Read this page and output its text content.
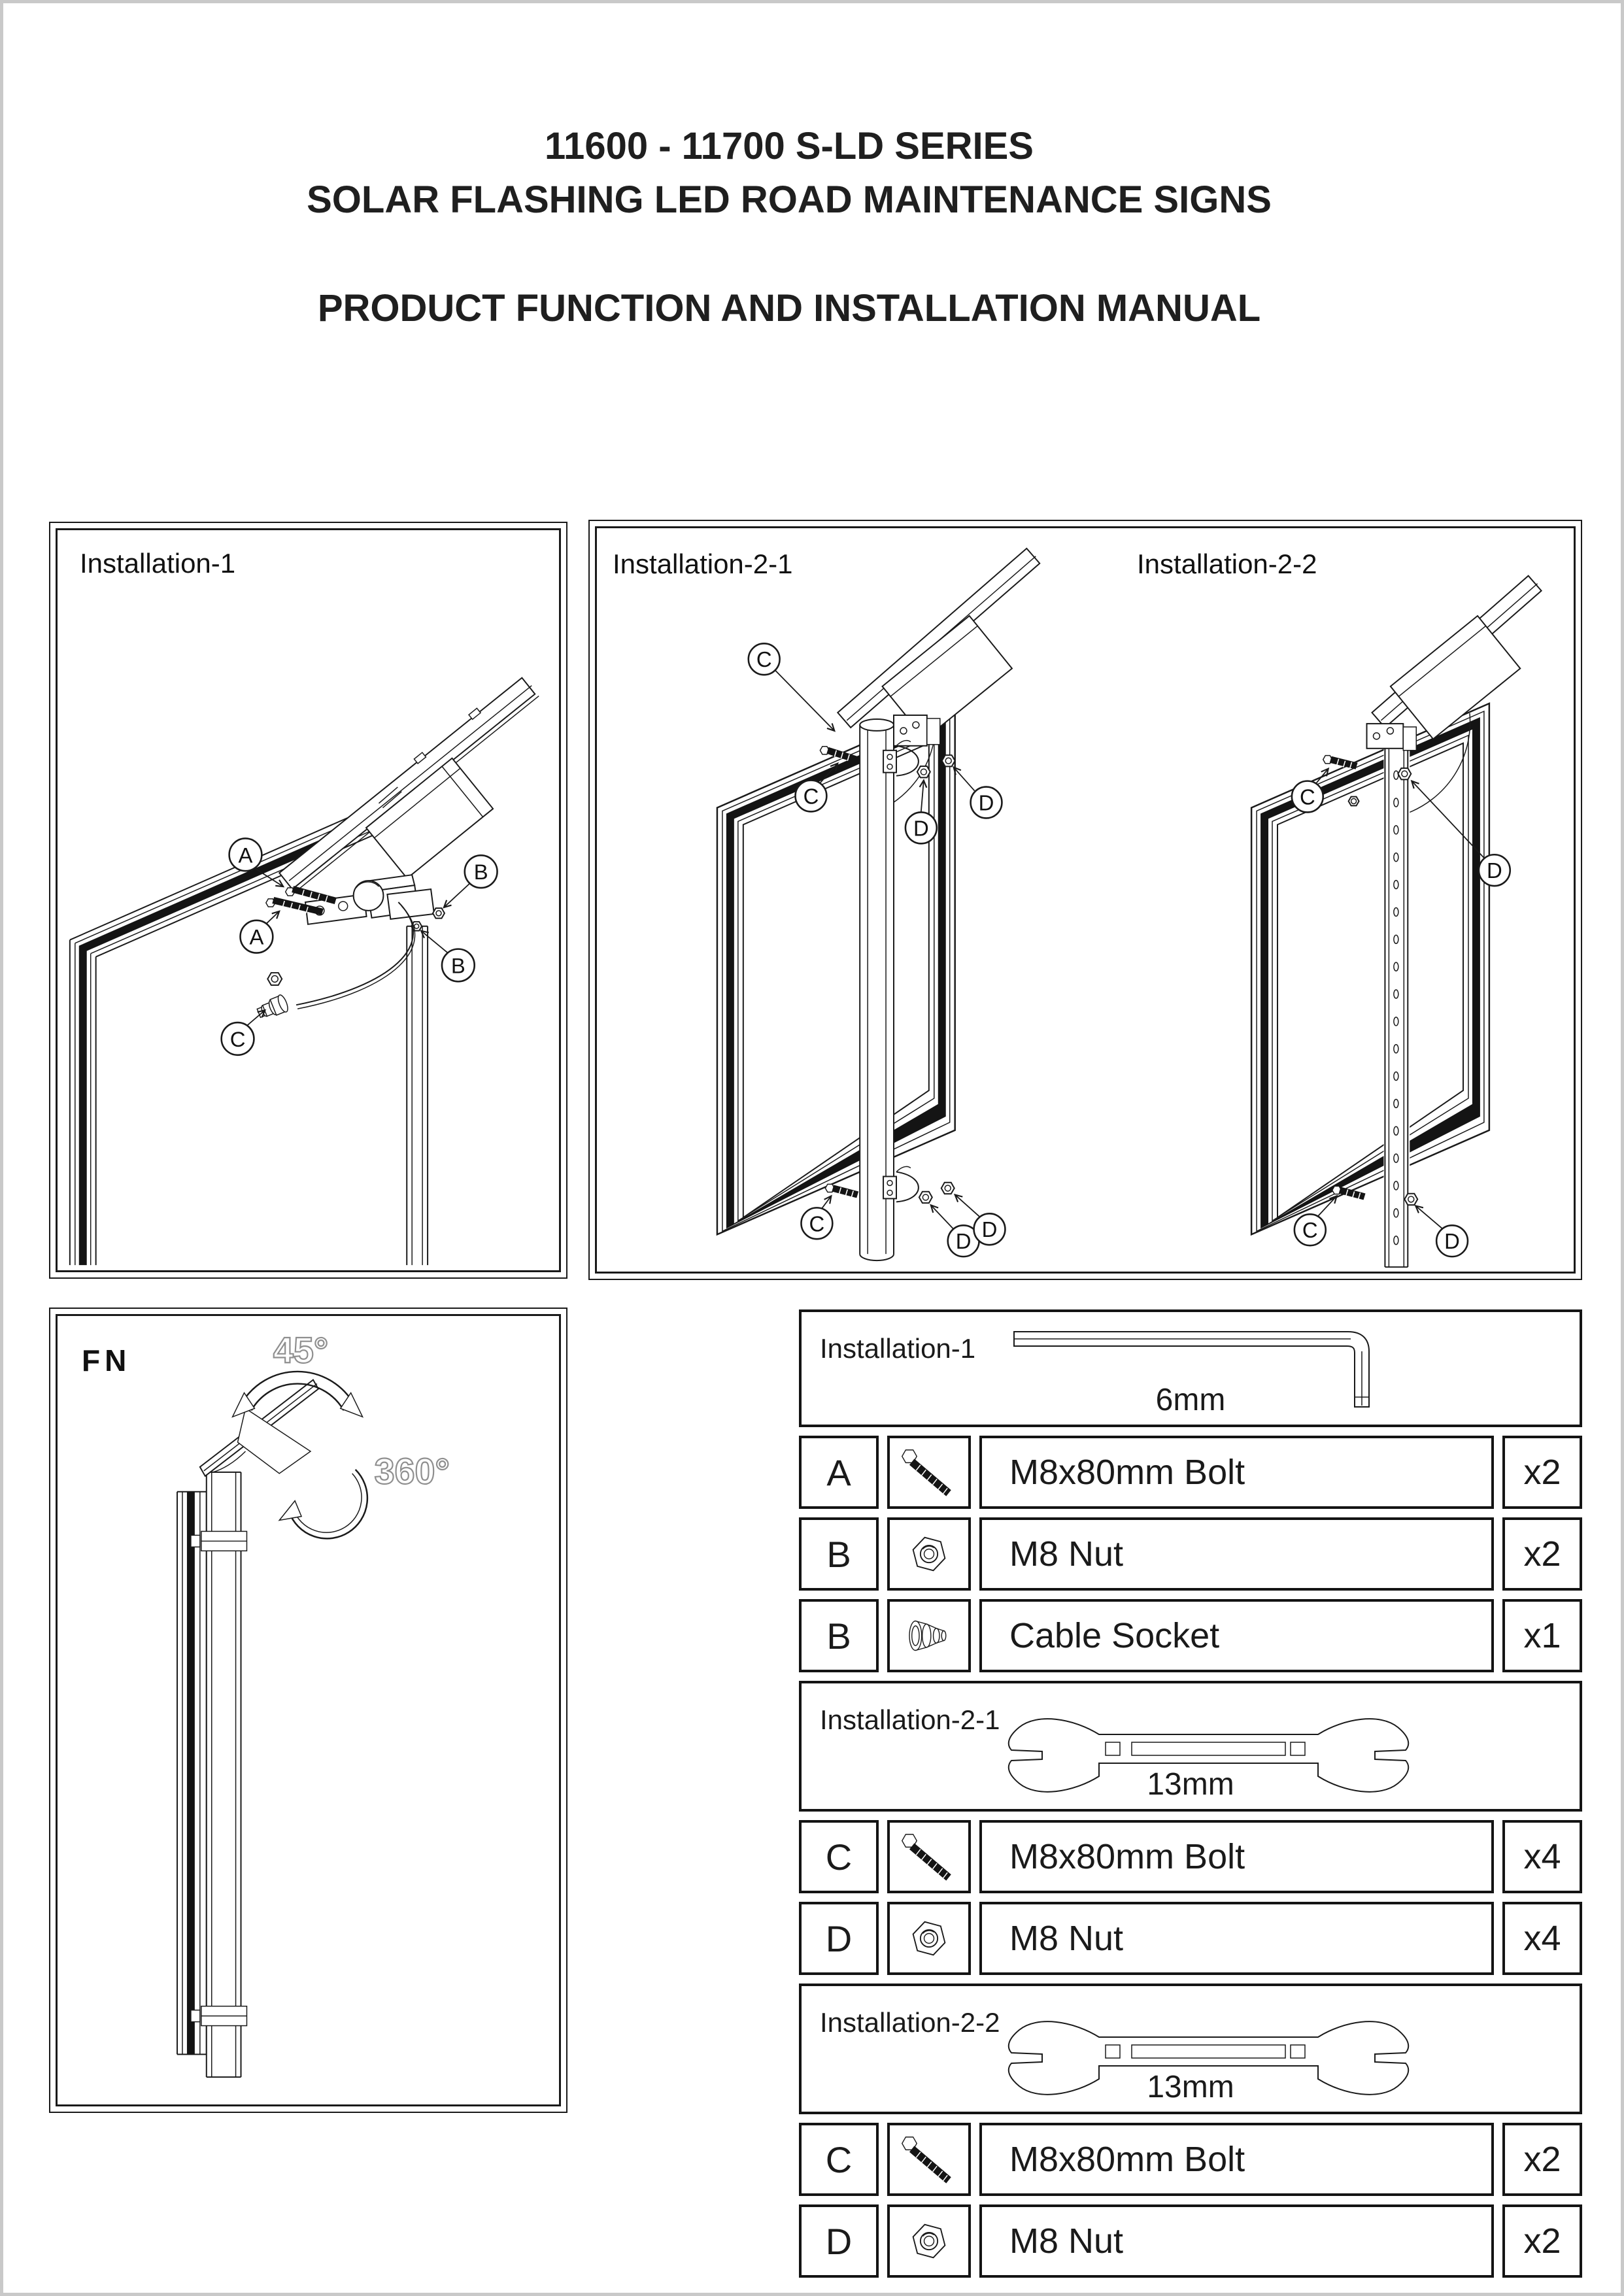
11600 - 11700 S-LD SERIES
SOLAR FLASHING LED ROAD MAINTENANCE SIGNS
PRODUCT FUNCTION AND INSTALLATION MANUAL
Installation-1
A
A
B
B
C
Installation-2-1	Installation-2-2
C
C
D
D
C
D D
C
D
C	D
FN	45°
360°
Installation-1
6mm
A	M8x80mm Bolt	x2
B	M8 Nut	x2
B	Cable Socket	x1
Installation-2-1
13mm
C	M8x80mm Bolt	x4
D	M8 Nut	x4
Installation-2-2
13mm
C	M8x80mm Bolt	x2
D	M8 Nut	x2
